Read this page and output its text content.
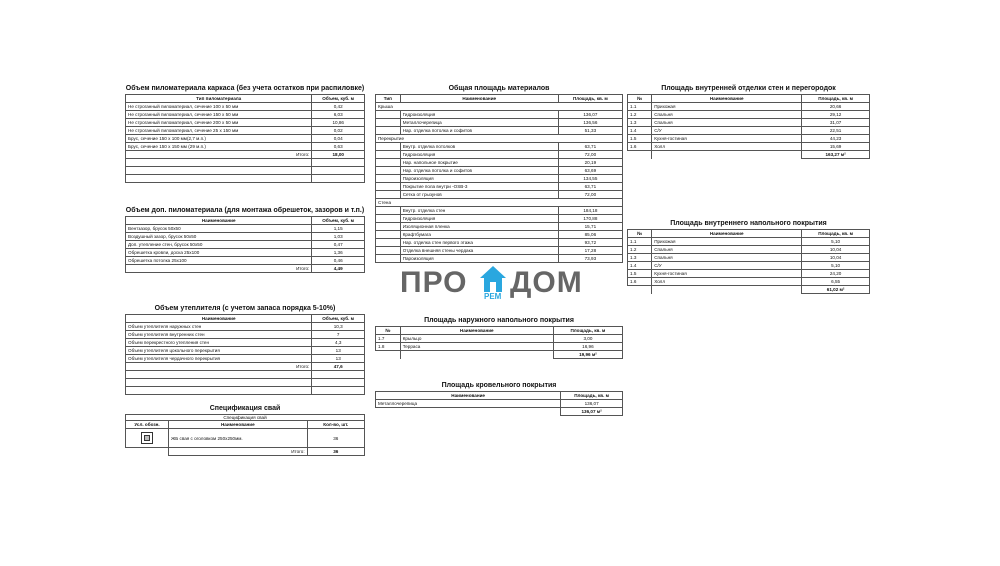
Объем пиломатериала каркаса (без учета остатков при распиловке)
Тип пиломатериала	Объем, куб. м
Не строганный пиломатериал, сечение 100 х 50 мм	0,42
Не строганный пиломатериал, сечение 150 х 50 мм	6,03
Не строганный пиломатериал, сечение 200 х 50 мм	10,86
Не строганный пиломатериал, сечение 25 х 150 мм	0,02
Брус, сечение 150 х 100 мм(2,7 м.п.)	0,04
Брус, сечение 150 х 150 мм (29 м.п.)	0,63
Итого:	18,00

Объем доп. пиломатериала (для монтажа обрешеток, зазоров и т.п.)
Наименование	Объем, куб. м
Вентзазор, брусок 50х50	1,15
Воздушный зазор, брусок 50х50	1,03
Доп. утепление стен, брусок 50х50	0,47
Обрешетка кровли, доска 25х100	1,36
Обрешетка потолка 25х100	0,46
Итого:	4,49
Объем утеплителя (с учетом запаса порядка 5-10%)
Наименование	Объем, куб. м
Объем утеплителя наружных стен	10,3
Объем утеплителя внутренних стен	7
Объем перекрестного утепления стен	4,3
Объем утеплителя цокольного перекрытия	13
Объем утеплителя чердачного перекрытия	13
Итого:	47,6

Спецификация свай
Спецификация свай
Усл. обозн.	Наименование	Кол-во, шт.

	ЖБ свая с оголовком 250х250мм.	36
	Итого:	36
Общая площадь материалов
Тип	Наименование	Площадь, кв. м
Крыша		
	Гидроизоляция	136,07
	Металлочерепица	136,56
	Нар. отделка потолка и софитов	51,33
Перекрытие		
	Внутр. отделка потолков	63,71
	Гидроизоляция	72,00
	Нар. напольное покрытие	20,19
	Нар. отделка потолка и софитов	63,69
	Пароизоляция	134,55
	Покрытие пола внутри -OSB-3	63,71
	Сетка от грызунов	72,00
Стена		
	Внутр. отделка стен	184,18
	Гидроизоляция	170,88
	Изоляционная пленка	15,71
	Крафтбумага	85,06
	Нар. отделка стен первого этажа	93,72
	Отделка внешняя стены чердака	17,28
	Пароизоляция	73,93
ПРО РЕМ ДОМ
Площадь наружного напольного покрытия
№	Наименование	Площадь, кв. м
1.7	Крыльцо	3,00
1.8	Терраса	16,96
		19,96 м²
Площадь кровельного покрытия
Наименование	Площадь, кв. м
Металлочерепица	136,07
	136,07 м²
Площадь внутренней отделки стен и перегородок
№	Наименование	Площадь, кв. м
1.1	Прихожая	20,66
1.2	Спальня	29,12
1.3	Спальня	31,07
1.4	С/У	22,51
1.5	Кухня-гостиная	44,23
1.6	Холл	15,69
		163,27 м²
Площадь внутреннего напольного покрытия
№	Наименование	Площадь, кв. м
1.1	Прихожая	5,10
1.2	Спальня	10,04
1.3	Спальня	10,04
1.4	С/У	5,10
1.5	Кухня-гостиная	24,20
1.6	Холл	6,55
		61,02 м²
